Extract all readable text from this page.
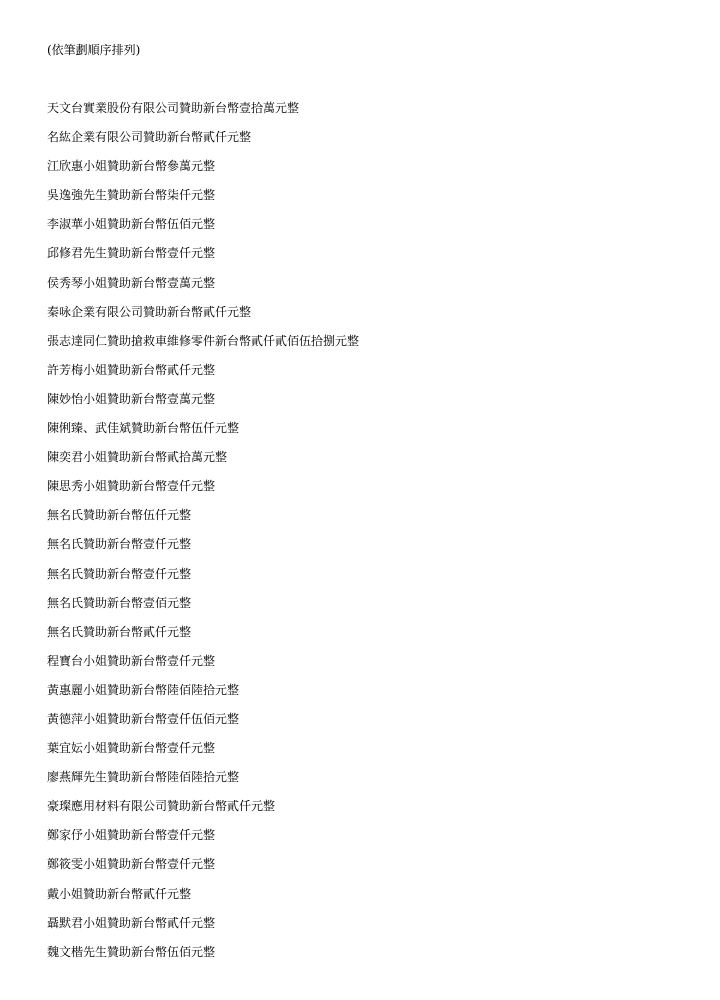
(依筆劃順序排列)
天文台實業股份有限公司贊助新台幣壹拾萬元整
名紘企業有限公司贊助新台幣貳仟元整
江欣惠小姐贊助新台幣參萬元整
吳逸強先生贊助新台幣柒仟元整
李淑華小姐贊助新台幣伍佰元整
邱修君先生贊助新台幣壹仟元整
侯秀琴小姐贊助新台幣壹萬元整
秦咏企業有限公司贊助新台幣貳仟元整
張志達同仁贊助搶救車維修零件新台幣貳仟貳佰伍拾捌元整
許芳梅小姐贊助新台幣貳仟元整
陳妙怡小姐贊助新台幣壹萬元整
陳俐臻、武佳斌贊助新台幣伍仟元整
陳奕君小姐贊助新台幣貳拾萬元整
陳思秀小姐贊助新台幣壹仟元整
無名氏贊助新台幣伍仟元整
無名氏贊助新台幣壹仟元整
無名氏贊助新台幣壹仟元整
無名氏贊助新台幣壹佰元整
無名氏贊助新台幣貳仟元整
程寶台小姐贊助新台幣壹仟元整
黃惠麗小姐贊助新台幣陸佰陸拾元整
黃德萍小姐贊助新台幣壹仟伍佰元整
葉宜妘小姐贊助新台幣壹仟元整
廖燕輝先生贊助新台幣陸佰陸拾元整
豪璨應用材料有限公司贊助新台幣貳仟元整
鄭家伃小姐贊助新台幣壹仟元整
鄭筱雯小姐贊助新台幣壹仟元整
戴小姐贊助新台幣貳仟元整
聶默君小姐贊助新台幣貳仟元整
魏文楷先生贊助新台幣伍佰元整
